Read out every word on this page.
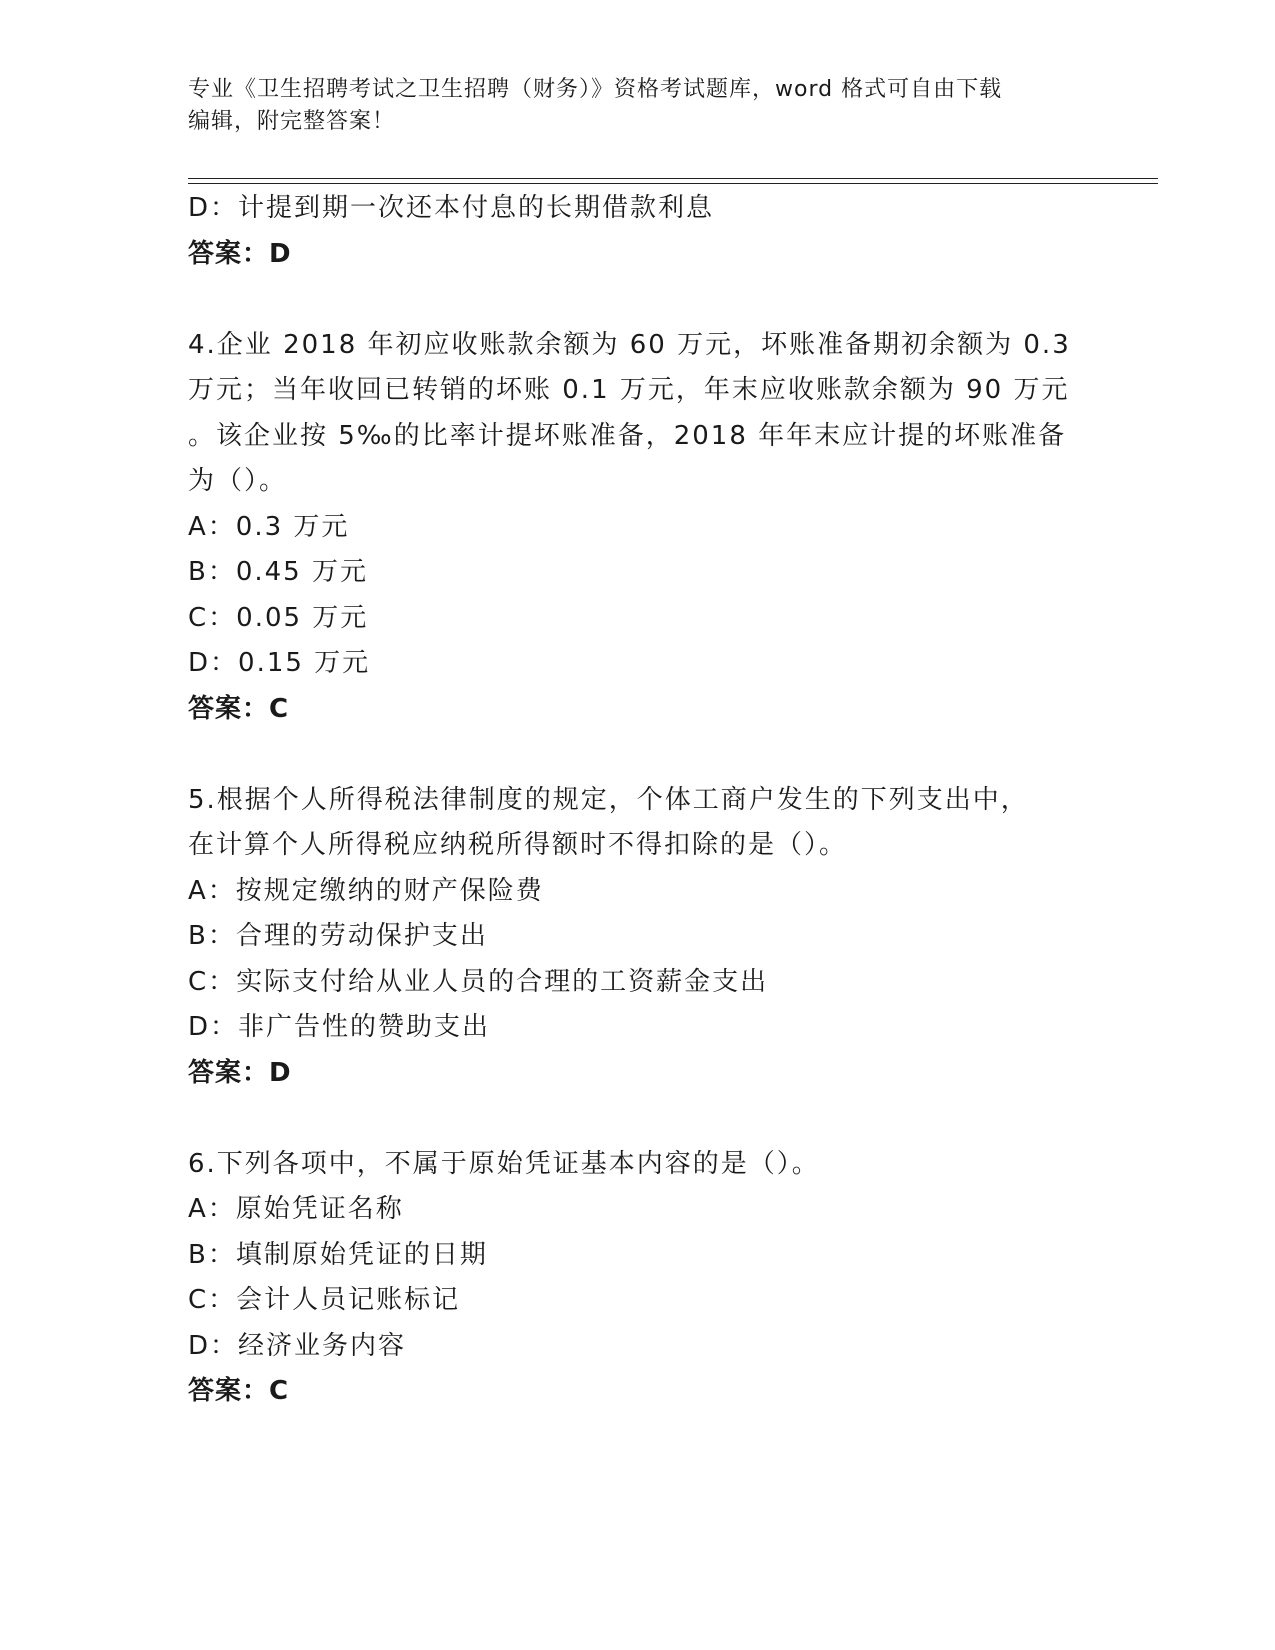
专业《卫生招聘考试之卫生招聘（财务）》资格考试题库，word 格式可自由下载
编辑，附完整答案！
D：计提到期一次还本付息的长期借款利息
答案：D
4.企业 2018 年初应收账款余额为 60 万元，坏账准备期初余额为 0.3
万元；当年收回已转销的坏账 0.1 万元，年末应收账款余额为 90 万元
。该企业按 5‰的比率计提坏账准备，2018 年年末应计提的坏账准备
为（）。
A：0.3 万元
B：0.45 万元
C：0.05 万元
D：0.15 万元
答案：C
5.根据个人所得税法律制度的规定，个体工商户发生的下列支出中，
在计算个人所得税应纳税所得额时不得扣除的是（）。
A：按规定缴纳的财产保险费
B：合理的劳动保护支出
C：实际支付给从业人员的合理的工资薪金支出
D：非广告性的赞助支出
答案：D
6.下列各项中，不属于原始凭证基本内容的是（）。
A：原始凭证名称
B：填制原始凭证的日期
C：会计人员记账标记
D：经济业务内容
答案：C
